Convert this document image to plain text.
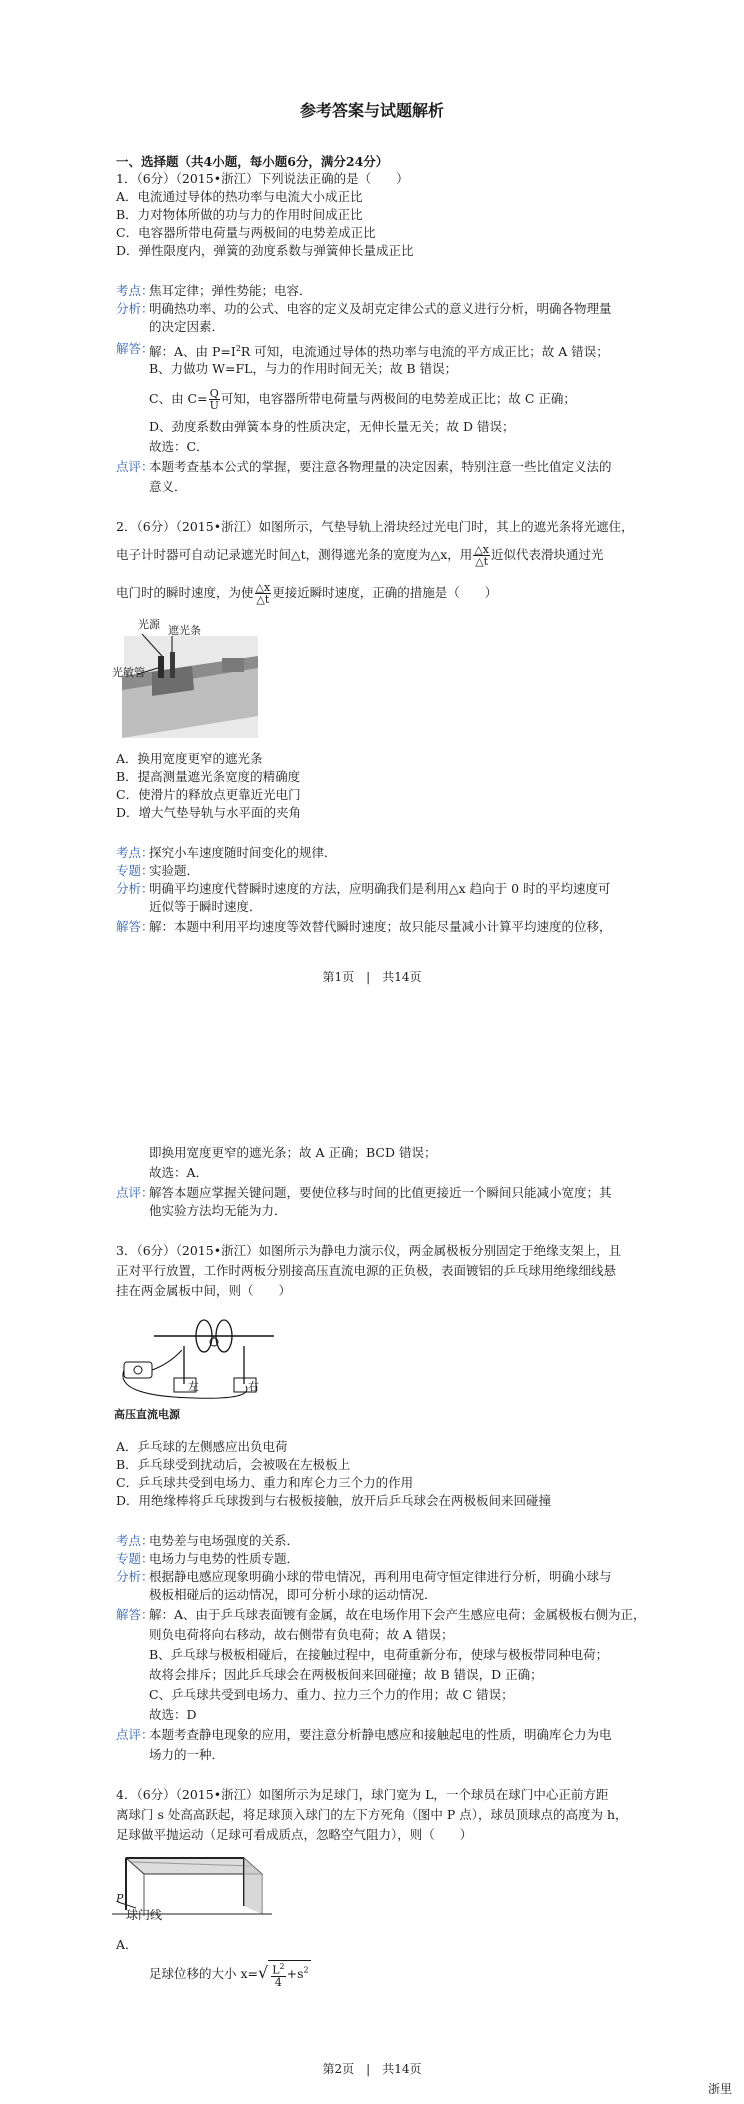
参考答案与试题解析
一、选择题（共4小题，每小题6分，满分24分）
1．（6分）（2015•浙江）下列说法正确的是（　　）
A．电流通过导体的热功率与电流大小成正比
B．力对物体所做的功与力的作用时间成正比
C．电容器所带电荷量与两极间的电势差成正比
D．弹性限度内，弹簧的劲度系数与弹簧伸长量成正比
考点：
焦耳定律；弹性势能；电容．
分析：
明确热功率、功的公式、电容的定义及胡克定律公式的意义进行分析，明确各物理量
的决定因素．
解答：
解：A、由 $P=I^2R$ 可知，电流通过导体的热功率与电流的平方成正比；故 A 错误；
B、力做功 W=FL，与力的作用时间无关；故 B 错误；
C、由 $C= \frac{Q}{U}$ 可知，电容器所带电荷量与两极间的电势差成正比；故 C 正确；
D、劲度系数由弹簧本身的性质决定，无伸长量无关；故 D 错误；
故选：C．
点评：
本题考查基本公式的掌握，要注意各物理量的决定因素，特别注意一些比值定义法的
意义．
2．（6分）（2015•浙江）如图所示，气垫导轨上滑块经过光电门时，其上的遮光条将光遮住，
电子计时器可自动记录遮光时间△t，测得遮光条的宽度为△x，用 $\frac{\triangle x}{\triangle t}$ 近似代表滑块通过光
电门时的瞬时速度，为使 $\frac{\triangle x}{\triangle t}$ 更接近瞬时速度，正确的措施是（　　）
光源 遮光条
光敏管
A．换用宽度更窄的遮光条
B．提高测量遮光条宽度的精确度
C．使滑片的释放点更靠近光电门
D．增大气垫导轨与水平面的夹角
考点：
探究小车速度随时间变化的规律．
专题：
实验题．
分析：
明确平均速度代替瞬时速度的方法，应明确我们是利用△x 趋向于 0 时的平均速度可
近似等于瞬时速度．
解答：
解：本题中利用平均速度等效替代瞬时速度；故只能尽量减小计算平均速度的位移，
第1页　|　共14页
即换用宽度更窄的遮光条；故 A 正确；BCD 错误；
故选：A．
点评：
解答本题应掌握关键问题，要使位移与时间的比值更接近一个瞬间只能减小宽度；其
他实验方法均无能为力．
3．（6分）（2015•浙江）如图所示为静电力演示仪，两金属极板分别固定于绝缘支架上，且
正对平行放置，工作时两板分别接高压直流电源的正负极，表面镀铝的乒乓球用绝缘细线悬
挂在两金属板中间，则（　　）
左	右
高压直流电源
A．乒乓球的左侧感应出负电荷
B．乒乓球受到扰动后，会被吸在左极板上
C．乒乓球共受到电场力、重力和库仑力三个力的作用
D．用绝缘棒将乒乓球拨到与右极板接触，放开后乒乓球会在两极板间来回碰撞
考点：
电势差与电场强度的关系．
专题：
电场力与电势的性质专题．
分析：
根据静电感应现象明确小球的带电情况，再利用电荷守恒定律进行分析，明确小球与
极板相碰后的运动情况，即可分析小球的运动情况．
解答：
解：A、由于乒乓球表面镀有金属，故在电场作用下会产生感应电荷；金属极板右侧为正，
则负电荷将向右移动，故右侧带有负电荷；故 A 错误；
B、乒乓球与极板相碰后，在接触过程中，电荷重新分布，使球与极板带同种电荷；
故将会排斥；因此乒乓球会在两极板间来回碰撞；故 B 错误，D 正确；
C、乒乓球共受到电场力、重力、拉力三个力的作用；故 C 错误；
故选：D
点评：
本题考查静电现象的应用，要注意分析静电感应和接触起电的性质，明确库仑力为电
场力的一种．
4．（6分）（2015•浙江）如图所示为足球门，球门宽为 L，一个球员在球门中心正前方距
离球门 s 处高高跃起，将足球顶入球门的左下方死角（图中 P 点），球员顶球点的高度为 h，
足球做平抛运动（足球可看成质点，忽略空气阻力），则（　　）
P
球门线
A．
足球位移的大小 $x=√ \frac{L^2}{4} +s^2$
第2页　|　共14页
浙里
